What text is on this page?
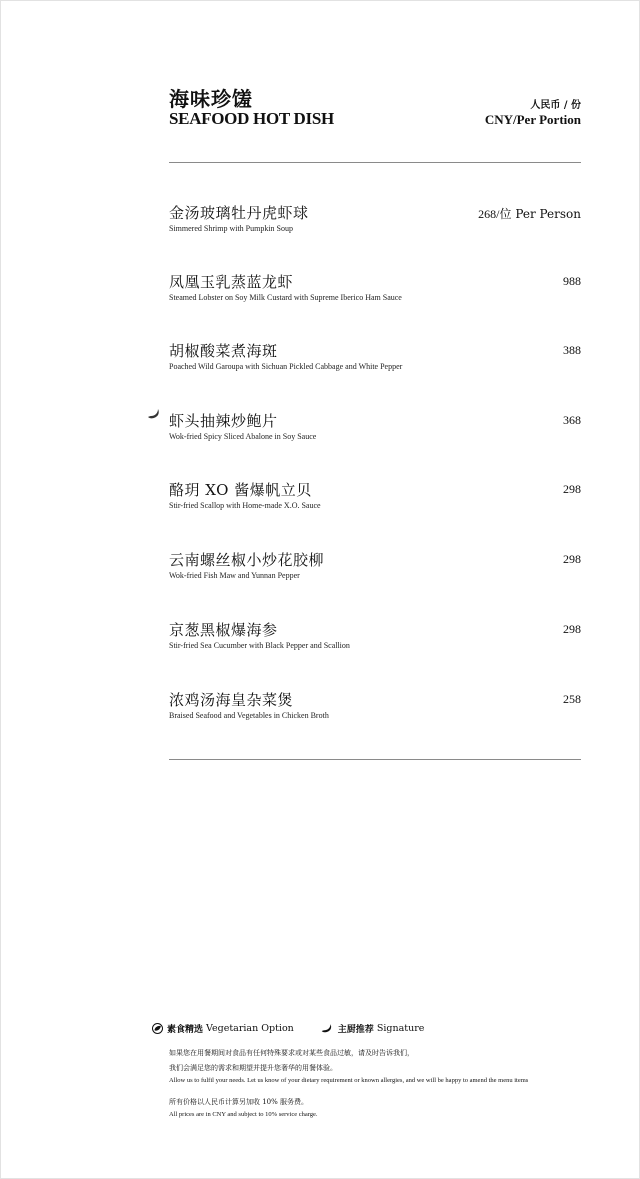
海味珍馐
SEAFOOD HOT DISH
人民币 / 份
CNY/Per Portion
金汤玻璃牡丹虎虾球
Simmered Shrimp with Pumpkin Soup
268/位 Per Person
凤凰玉乳蒸蓝龙虾
Steamed Lobster on Soy Milk Custard with Supreme Iberico Ham Sauce
988
胡椒酸菜煮海斑
Poached Wild Garoupa with Sichuan Pickled Cabbage and White Pepper
388
虾头抽辣炒鲍片
Wok-fried Spicy Sliced Abalone in Soy Sauce
368
酪玥 XO 酱爆帆立贝
Stir-fried Scallop with Home-made X.O. Sauce
298
云南螺丝椒小炒花胶柳
Wok-fried Fish Maw and Yunnan Pepper
298
京葱黑椒爆海参
Stir-fried Sea Cucumber with Black Pepper and Scallion
298
浓鸡汤海皇杂菜煲
Braised Seafood and Vegetables in Chicken Broth
258
素食精选
Vegetarian Option	主厨推荐
Signature
如果您在用餐期间对食品有任何特殊要求或对某些食品过敏，请及时告诉我们，
我们会满足您的需求和期望并提升您奢华的用餐体验。
Allow us to fulfil your needs. Let us know of your dietary requirement or known allergies, and we will be happy to amend the menu items
所有价格以人民币计算另加收 10% 服务费。
All prices are in CNY and subject to 10% service charge.
